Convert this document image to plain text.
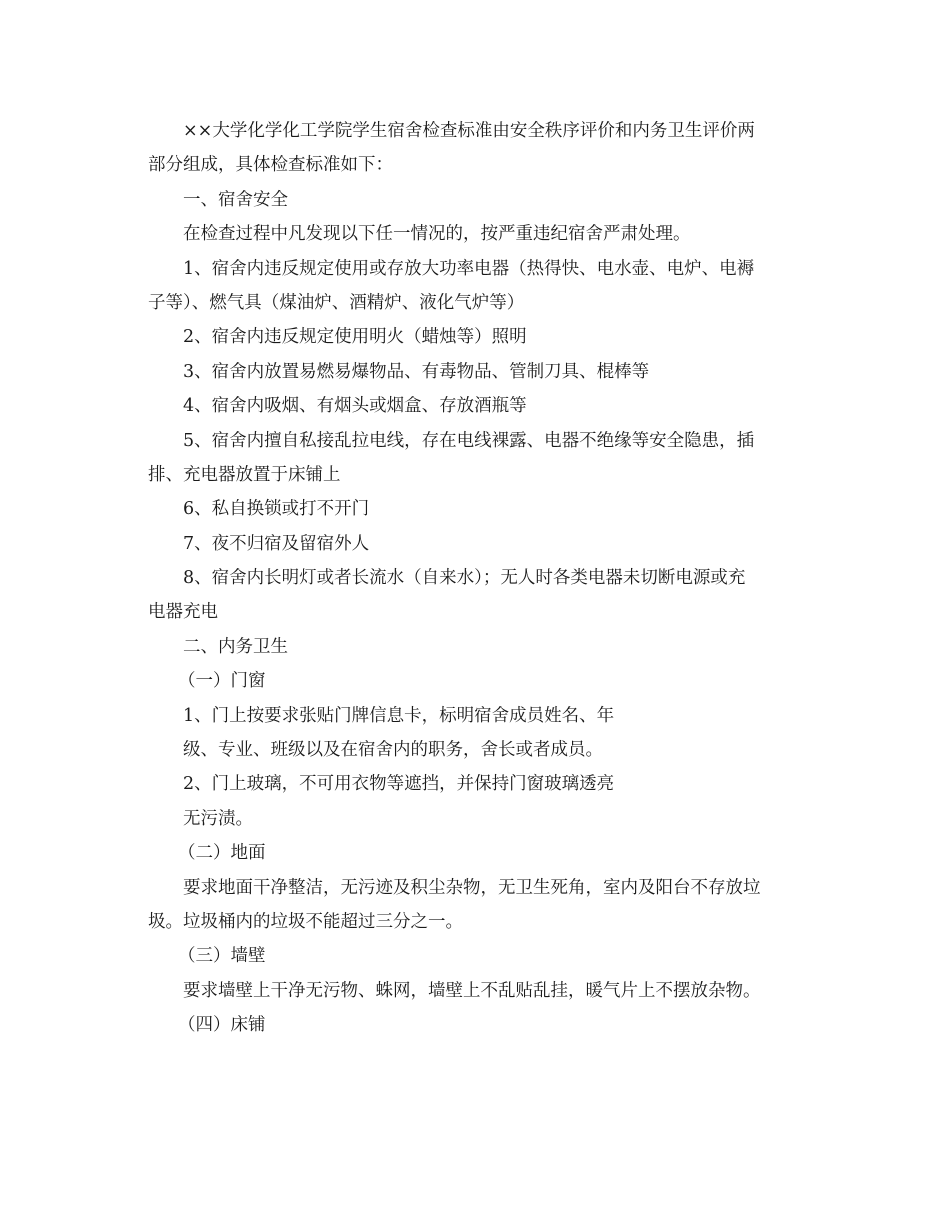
××大学化学化工学院学生宿舍检查标准由安全秩序评价和内务卫生评价两
部分组成，具体检查标准如下：
一、宿舍安全
在检查过程中凡发现以下任一情况的，按严重违纪宿舍严肃处理。
1、宿舍内违反规定使用或存放大功率电器（热得快、电水壶、电炉、电褥
子等）、燃气具（煤油炉、酒精炉、液化气炉等）
2、宿舍内违反规定使用明火（蜡烛等）照明
3、宿舍内放置易燃易爆物品、有毒物品、管制刀具、棍棒等
4、宿舍内吸烟、有烟头或烟盒、存放酒瓶等
5、宿舍内擅自私接乱拉电线，存在电线裸露、电器不绝缘等安全隐患，插
排、充电器放置于床铺上
6、私自换锁或打不开门
7、夜不归宿及留宿外人
8、宿舍内长明灯或者长流水（自来水）；无人时各类电器未切断电源或充
电器充电
二、内务卫生
（一）门窗
1、门上按要求张贴门牌信息卡，标明宿舍成员姓名、年
级、专业、班级以及在宿舍内的职务，舍长或者成员。
2、门上玻璃，不可用衣物等遮挡，并保持门窗玻璃透亮
无污渍。
（二）地面
要求地面干净整洁，无污迹及积尘杂物，无卫生死角，室内及阳台不存放垃
圾。垃圾桶内的垃圾不能超过三分之一。
（三）墙壁
要求墙壁上干净无污物、蛛网，墙壁上不乱贴乱挂，暖气片上不摆放杂物。
（四）床铺
